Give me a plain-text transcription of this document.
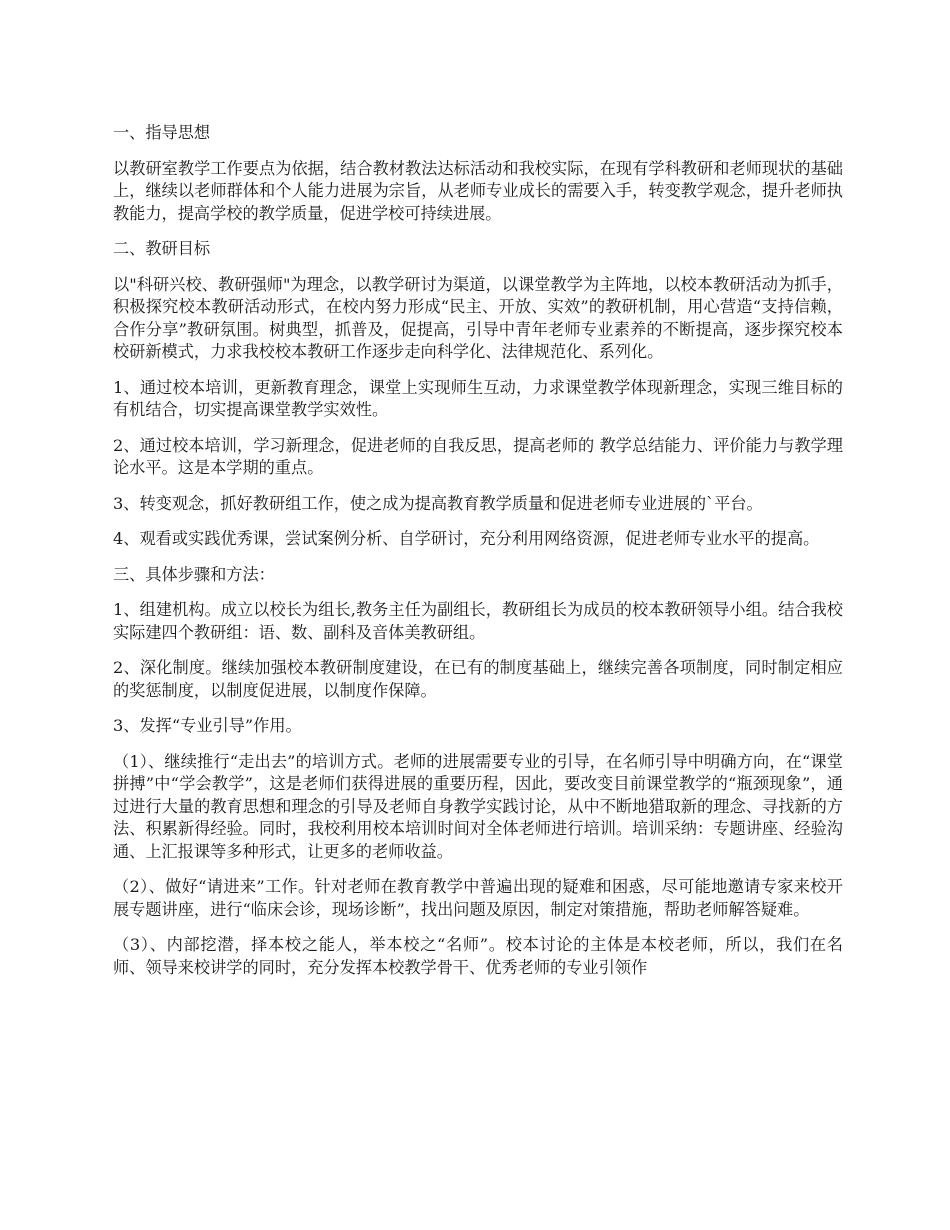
一、指导思想

以教研室教学工作要点为依据，结合教材教法达标活动和我校实际，在现有学科教研和老师现状的基础上，继续以老师群体和个人能力进展为宗旨，从老师专业成长的需要入手，转变教学观念，提升老师执教能力，提高学校的教学质量，促进学校可持续进展。

二、教研目标

以"科研兴校、教研强师"为理念，以教学研讨为渠道，以课堂教学为主阵地，以校本教研活动为抓手，积极探究校本教研活动形式，在校内努力形成“民主、开放、实效”的教研机制，用心营造“支持信赖，合作分享”教研氛围。树典型，抓普及，促提高，引导中青年老师专业素养的不断提高，逐步探究校本校研新模式，力求我校校本教研工作逐步走向科学化、法律规范化、系列化。

1、通过校本培训，更新教育理念，课堂上实现师生互动，力求课堂教学体现新理念，实现三维目标的有机结合，切实提高课堂教学实效性。

2、通过校本培训，学习新理念，促进老师的自我反思，提高老师的 教学总结能力、评价能力与教学理论水平。这是本学期的重点。

3、转变观念，抓好教研组工作，使之成为提高教育教学质量和促进老师专业进展的`平台。

4、观看或实践优秀课，尝试案例分析、自学研讨，充分利用网络资源，促进老师专业水平的提高。

三、具体步骤和方法：

1、组建机构。成立以校长为组长,教务主任为副组长，教研组长为成员的校本教研领导小组。结合我校实际建四个教研组：语、数、副科及音体美教研组。

2、深化制度。继续加强校本教研制度建设，在已有的制度基础上，继续完善各项制度，同时制定相应的奖惩制度，以制度促进展，以制度作保障。

3、发挥“专业引导”作用。

（1）、继续推行“走出去”的培训方式。老师的进展需要专业的引导，在名师引导中明确方向，在“课堂拼搏”中“学会教学”，这是老师们获得进展的重要历程，因此，要改变目前课堂教学的“瓶颈现象”，通过进行大量的教育思想和理念的引导及老师自身教学实践讨论，从中不断地猎取新的理念、寻找新的方法、积累新得经验。同时，我校利用校本培训时间对全体老师进行培训。培训采纳：专题讲座、经验沟通、上汇报课等多种形式，让更多的老师收益。

（2）、做好“请进来”工作。针对老师在教育教学中普遍出现的疑难和困惑，尽可能地邀请专家来校开展专题讲座，进行“临床会诊，现场诊断”，找出问题及原因，制定对策措施，帮助老师解答疑难。

（3）、内部挖潜，择本校之能人，举本校之“名师”。校本讨论的主体是本校老师，所以，我们在名师、领导来校讲学的同时，充分发挥本校教学骨干、优秀老师的专业引领作
